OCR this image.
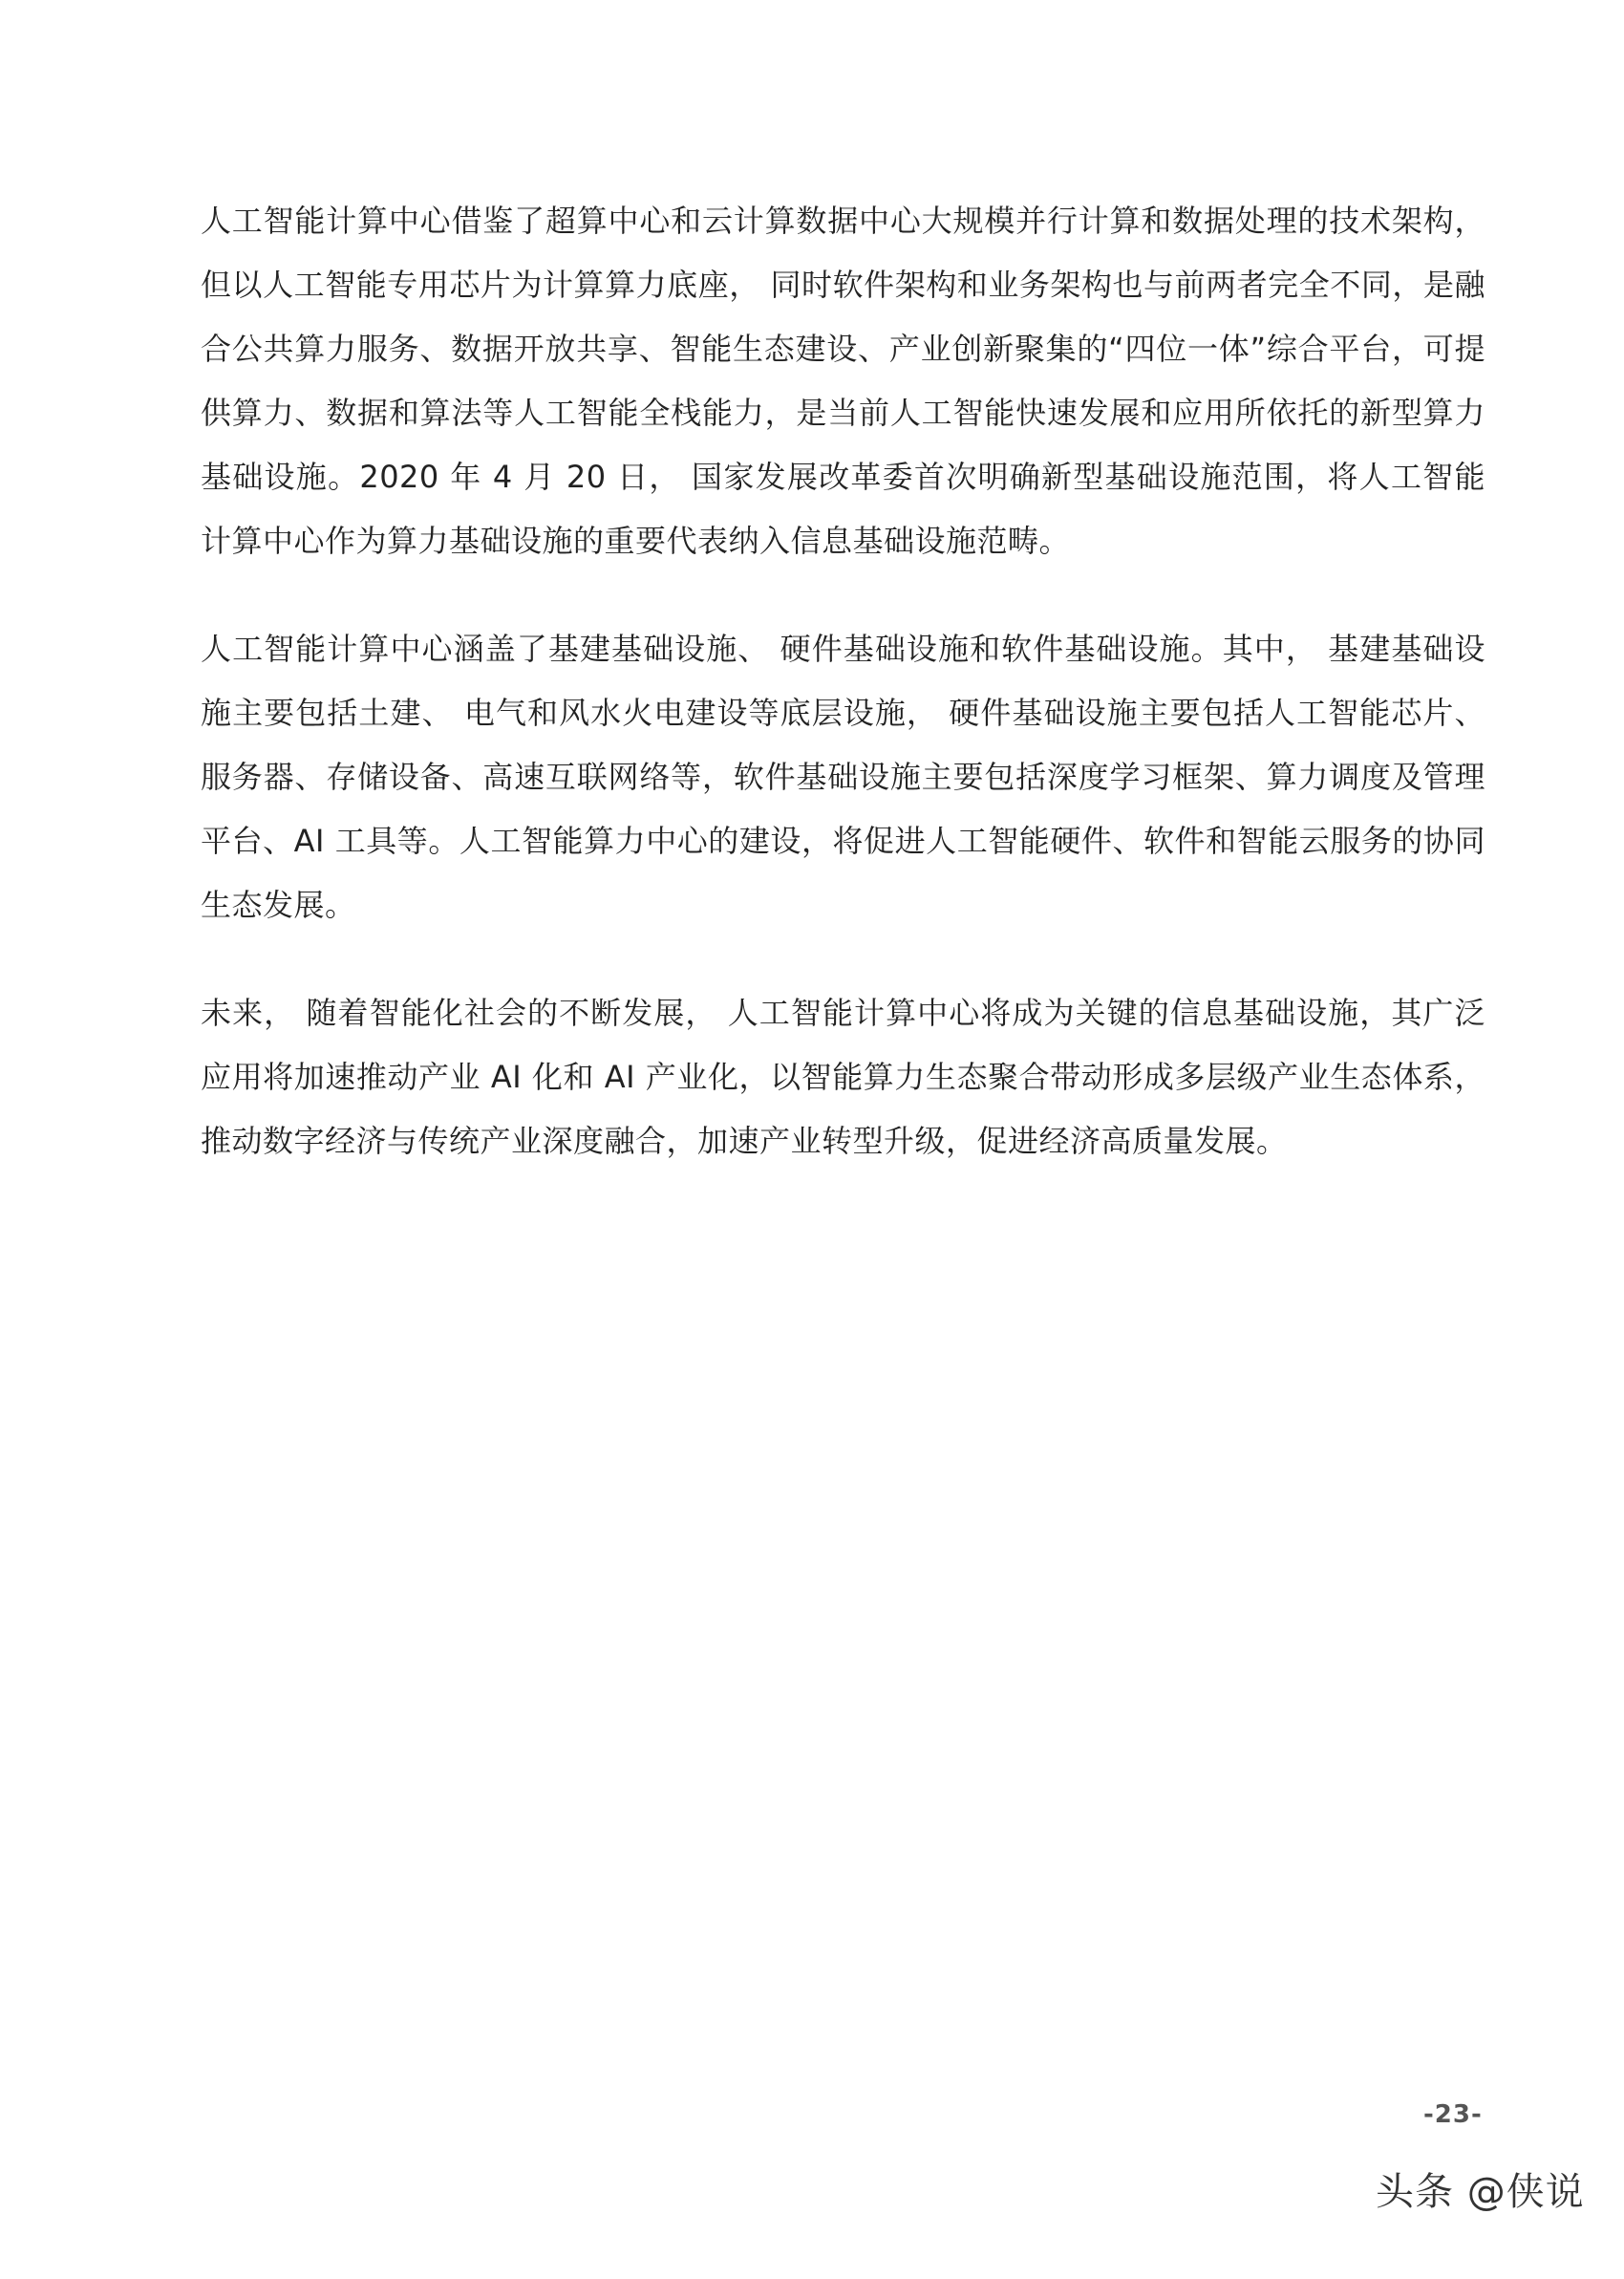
人工智能计算中心借鉴了超算中心和云计算数据中心大规模并行计算和数据处理的技术架构， 但以人工智能专用芯片为计算算力底座， 同时软件架构和业务架构也与前两者完全不同，是融合公共算力服务、数据开放共享、智能生态建设、产业创新聚集的“四位一体”综合平台，可提供算力、数据和算法等人工智能全栈能力，是当前人工智能快速发展和应用所依托的新型算力基础设施。2020 年 4 月 20 日， 国家发展改革委首次明确新型基础设施范围，将人工智能计算中心作为算力基础设施的重要代表纳入信息基础设施范畴。

人工智能计算中心涵盖了基建基础设施、 硬件基础设施和软件基础设施。其中， 基建基础设施主要包括土建、 电气和风水火电建设等底层设施， 硬件基础设施主要包括人工智能芯片、服务器、存储设备、高速互联网络等，软件基础设施主要包括深度学习框架、算力调度及管理平台、AI 工具等。人工智能算力中心的建设，将促进人工智能硬件、软件和智能云服务的协同生态发展。

未来， 随着智能化社会的不断发展， 人工智能计算中心将成为关键的信息基础设施，其广泛应用将加速推动产业 AI 化和 AI 产业化，以智能算力生态聚合带动形成多层级产业生态体系，推动数字经济与传统产业深度融合，加速产业转型升级，促进经济高质量发展。

-23-
头条 @侠说
